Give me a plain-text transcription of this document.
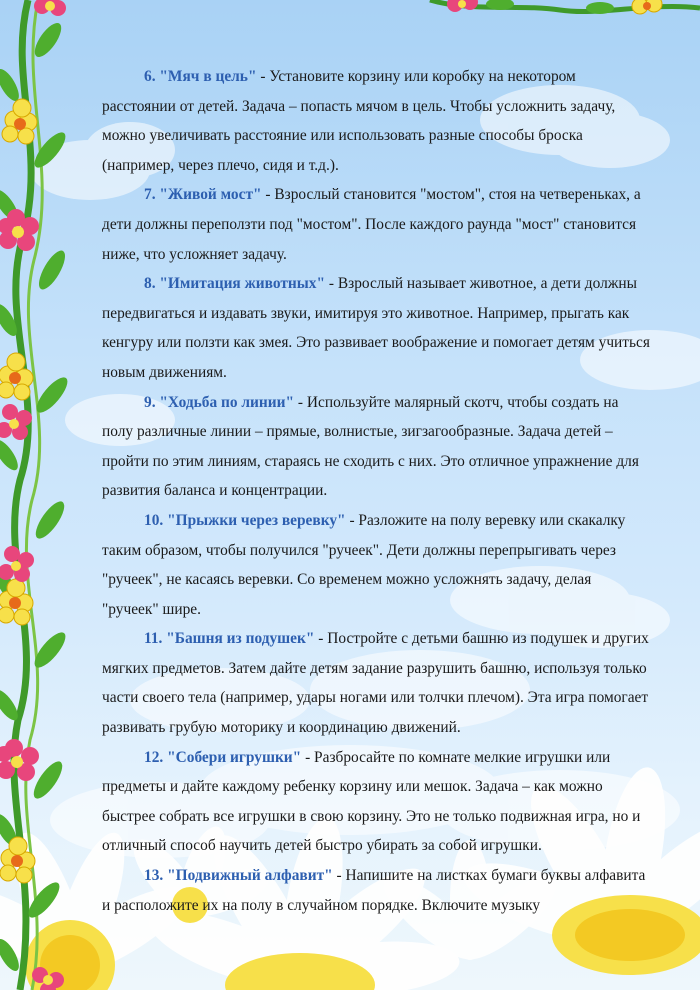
6. "Мяч в цель" - Установите корзину или коробку на некотором расстоянии от детей. Задача – попасть мячом в цель. Чтобы усложнить задачу, можно увеличивать расстояние или использовать разные способы броска (например, через плечо, сидя и т.д.).

7. "Живой мост" - Взрослый становится "мостом", стоя на четвереньках, а дети должны переползти под "мостом". После каждого раунда "мост" становится ниже, что усложняет задачу.

8. "Имитация животных" - Взрослый называет животное, а дети должны передвигаться и издавать звуки, имитируя это животное. Например, прыгать как кенгуру или ползти как змея. Это развивает воображение и помогает детям учиться новым движениям.

9. "Ходьба по линии" - Используйте малярный скотч, чтобы создать на полу различные линии – прямые, волнистые, зигзагообразные. Задача детей – пройти по этим линиям, стараясь не сходить с них. Это отличное упражнение для развития баланса и концентрации.

10. "Прыжки через веревку" - Разложите на полу веревку или скакалку таким образом, чтобы получился "ручеек". Дети должны перепрыгивать через "ручеек", не касаясь веревки. Со временем можно усложнять задачу, делая "ручеек" шире.

11. "Башня из подушек" - Постройте с детьми башню из подушек и других мягких предметов. Затем дайте детям задание разрушить башню, используя только части своего тела (например, удары ногами или толчки плечом). Эта игра помогает развивать грубую моторику и координацию движений.

12. "Собери игрушки" - Разбросайте по комнате мелкие игрушки или предметы и дайте каждому ребенку корзину или мешок. Задача – как можно быстрее собрать все игрушки в свою корзину. Это не только подвижная игра, но и отличный способ научить детей быстро убирать за собой игрушки.

13. "Подвижный алфавит" - Напишите на листках бумаги буквы алфавита и расположите их на полу в случайном порядке. Включите музыку
